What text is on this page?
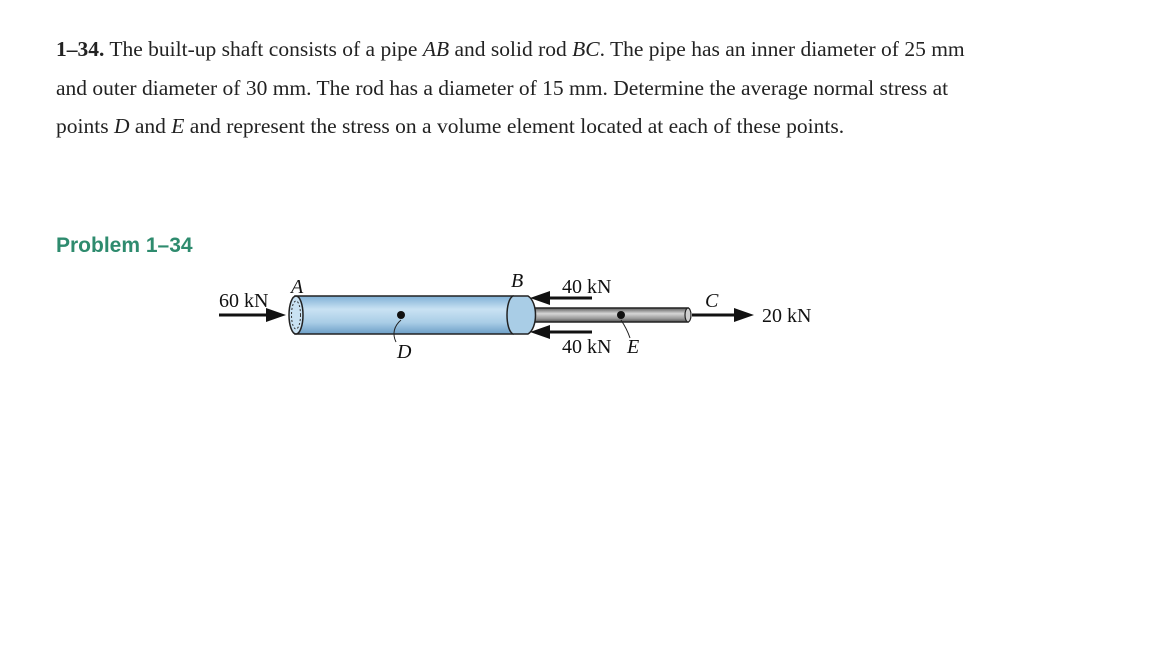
1–34. The built-up shaft consists of a pipe AB and solid rod BC. The pipe has an inner diameter of 25 mm and outer diameter of 30 mm. The rod has a diameter of 15 mm. Determine the average normal stress at points D and E and represent the stress on a volume element located at each of these points.
Problem 1–34
60 kN
A	B 40 kN
C
20 kN
D	40 kN E
